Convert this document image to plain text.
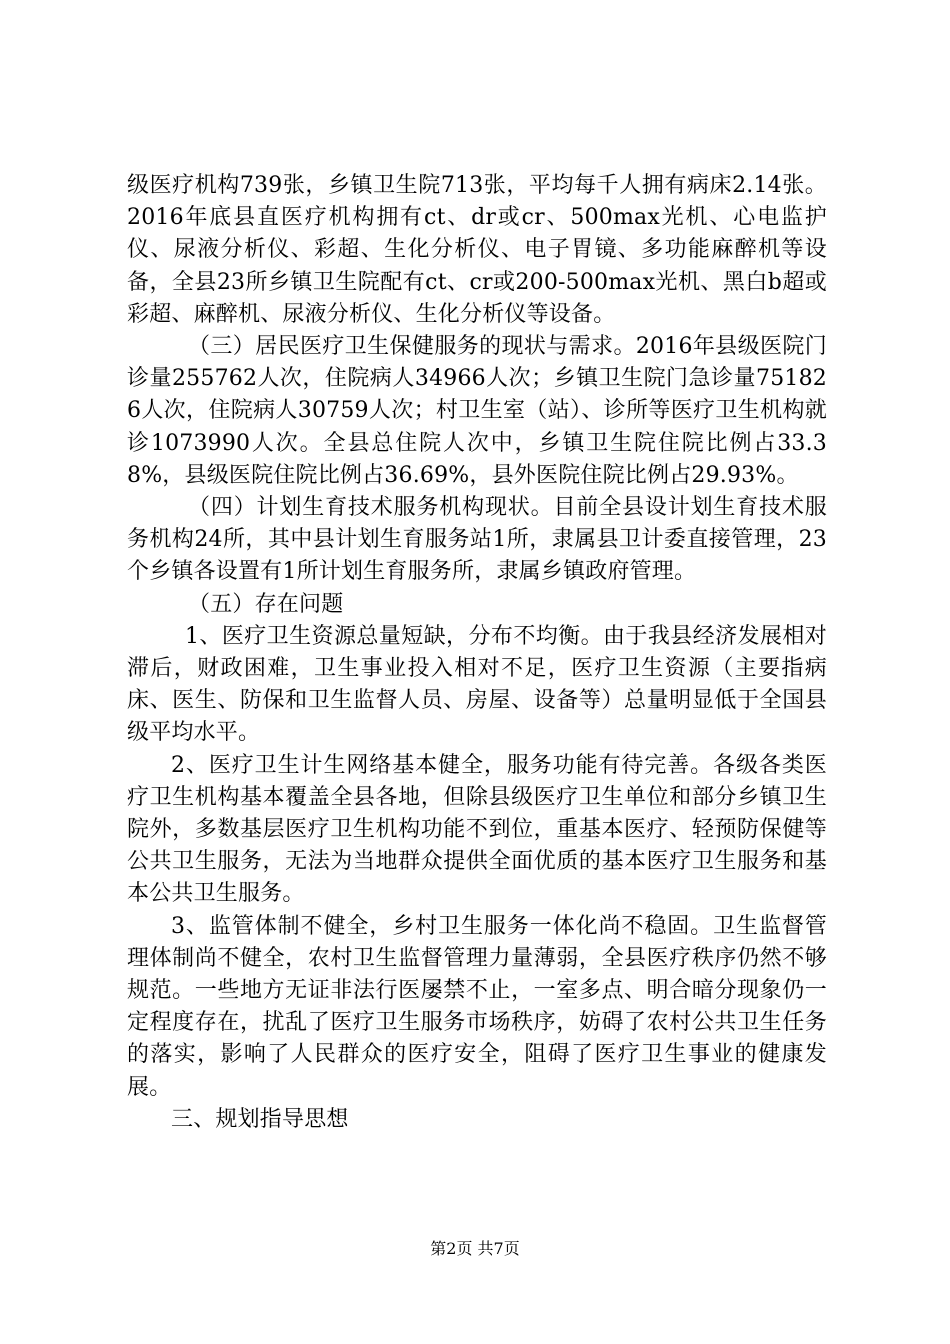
级医疗机构739张，乡镇卫生院713张，平均每千人拥有病床2.14张。2016年底县直医疗机构拥有ct、dr或cr、500max光机、心电监护仪、尿液分析仪、彩超、生化分析仪、电子胃镜、多功能麻醉机等设备，全县23所乡镇卫生院配有ct、cr或200-500max光机、黑白b超或彩超、麻醉机、尿液分析仪、生化分析仪等设备。

（三）居民医疗卫生保健服务的现状与需求。2016年县级医院门诊量255762人次，住院病人34966人次；乡镇卫生院门急诊量751826人次，住院病人30759人次；村卫生室（站）、诊所等医疗卫生机构就诊1073990人次。全县总住院人次中，乡镇卫生院住院比例占33.38%，县级医院住院比例占36.69%，县外医院住院比例占29.93%。

（四）计划生育技术服务机构现状。目前全县设计划生育技术服务机构24所，其中县计划生育服务站1所，隶属县卫计委直接管理，23个乡镇各设置有1所计划生育服务所，隶属乡镇政府管理。

（五）存在问题

1、医疗卫生资源总量短缺，分布不均衡。由于我县经济发展相对滞后，财政困难，卫生事业投入相对不足，医疗卫生资源（主要指病床、医生、防保和卫生监督人员、房屋、设备等）总量明显低于全国县级平均水平。

2、医疗卫生计生网络基本健全，服务功能有待完善。各级各类医疗卫生机构基本覆盖全县各地，但除县级医疗卫生单位和部分乡镇卫生院外，多数基层医疗卫生机构功能不到位，重基本医疗、轻预防保健等公共卫生服务，无法为当地群众提供全面优质的基本医疗卫生服务和基本公共卫生服务。

3、监管体制不健全，乡村卫生服务一体化尚不稳固。卫生监督管理体制尚不健全，农村卫生监督管理力量薄弱，全县医疗秩序仍然不够规范。一些地方无证非法行医屡禁不止，一室多点、明合暗分现象仍一定程度存在，扰乱了医疗卫生服务市场秩序，妨碍了农村公共卫生任务的落实，影响了人民群众的医疗安全，阻碍了医疗卫生事业的健康发展。

三、规划指导思想

第2页 共7页
